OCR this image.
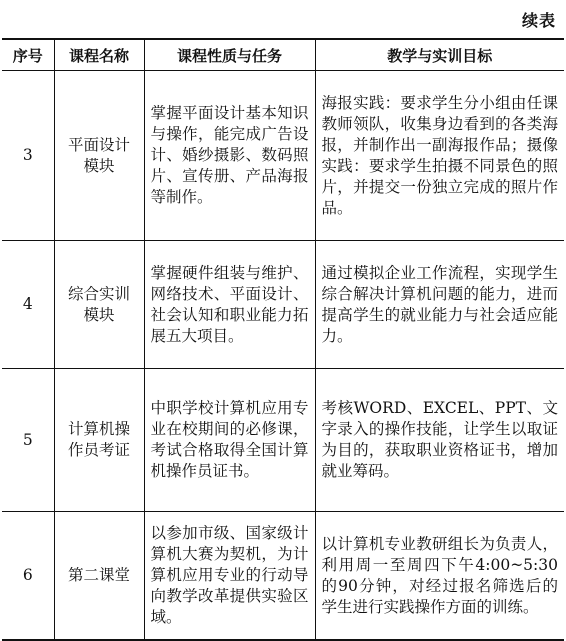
续表
序号	课程名称	课程性质与任务	教学与实训目标
3	平面设计模块	掌握平面设计基本知识与操作，能完成广告设计、婚纱摄影、数码照片、宣传册、产品海报等制作。	海报实践：要求学生分小组由任课教师领队，收集身边看到的各类海报，并制作出一副海报作品；摄像实践：要求学生拍摄不同景色的照片，并提交一份独立完成的照片作品。
4	综合实训模块	掌握硬件组装与维护、网络技术、平面设计、社会认知和职业能力拓展五大项目。	通过模拟企业工作流程，实现学生综合解决计算机问题的能力，进而提高学生的就业能力与社会适应能力。
5	计算机操作员考证	中职学校计算机应用专业在校期间的必修课，考试合格取得全国计算机操作员证书。	考核WORD、EXCEL、PPT、文字录入的操作技能，让学生以取证为目的，获取职业资格证书，增加就业筹码。
6	第二课堂	以参加市级、国家级计算机大赛为契机，为计算机应用专业的行动导向教学改革提供实验区域。	以计算机专业教研组长为负责人，利用周一至周四下午4:00~5:30的90分钟，对经过报名筛选后的学生进行实践操作方面的训练。
